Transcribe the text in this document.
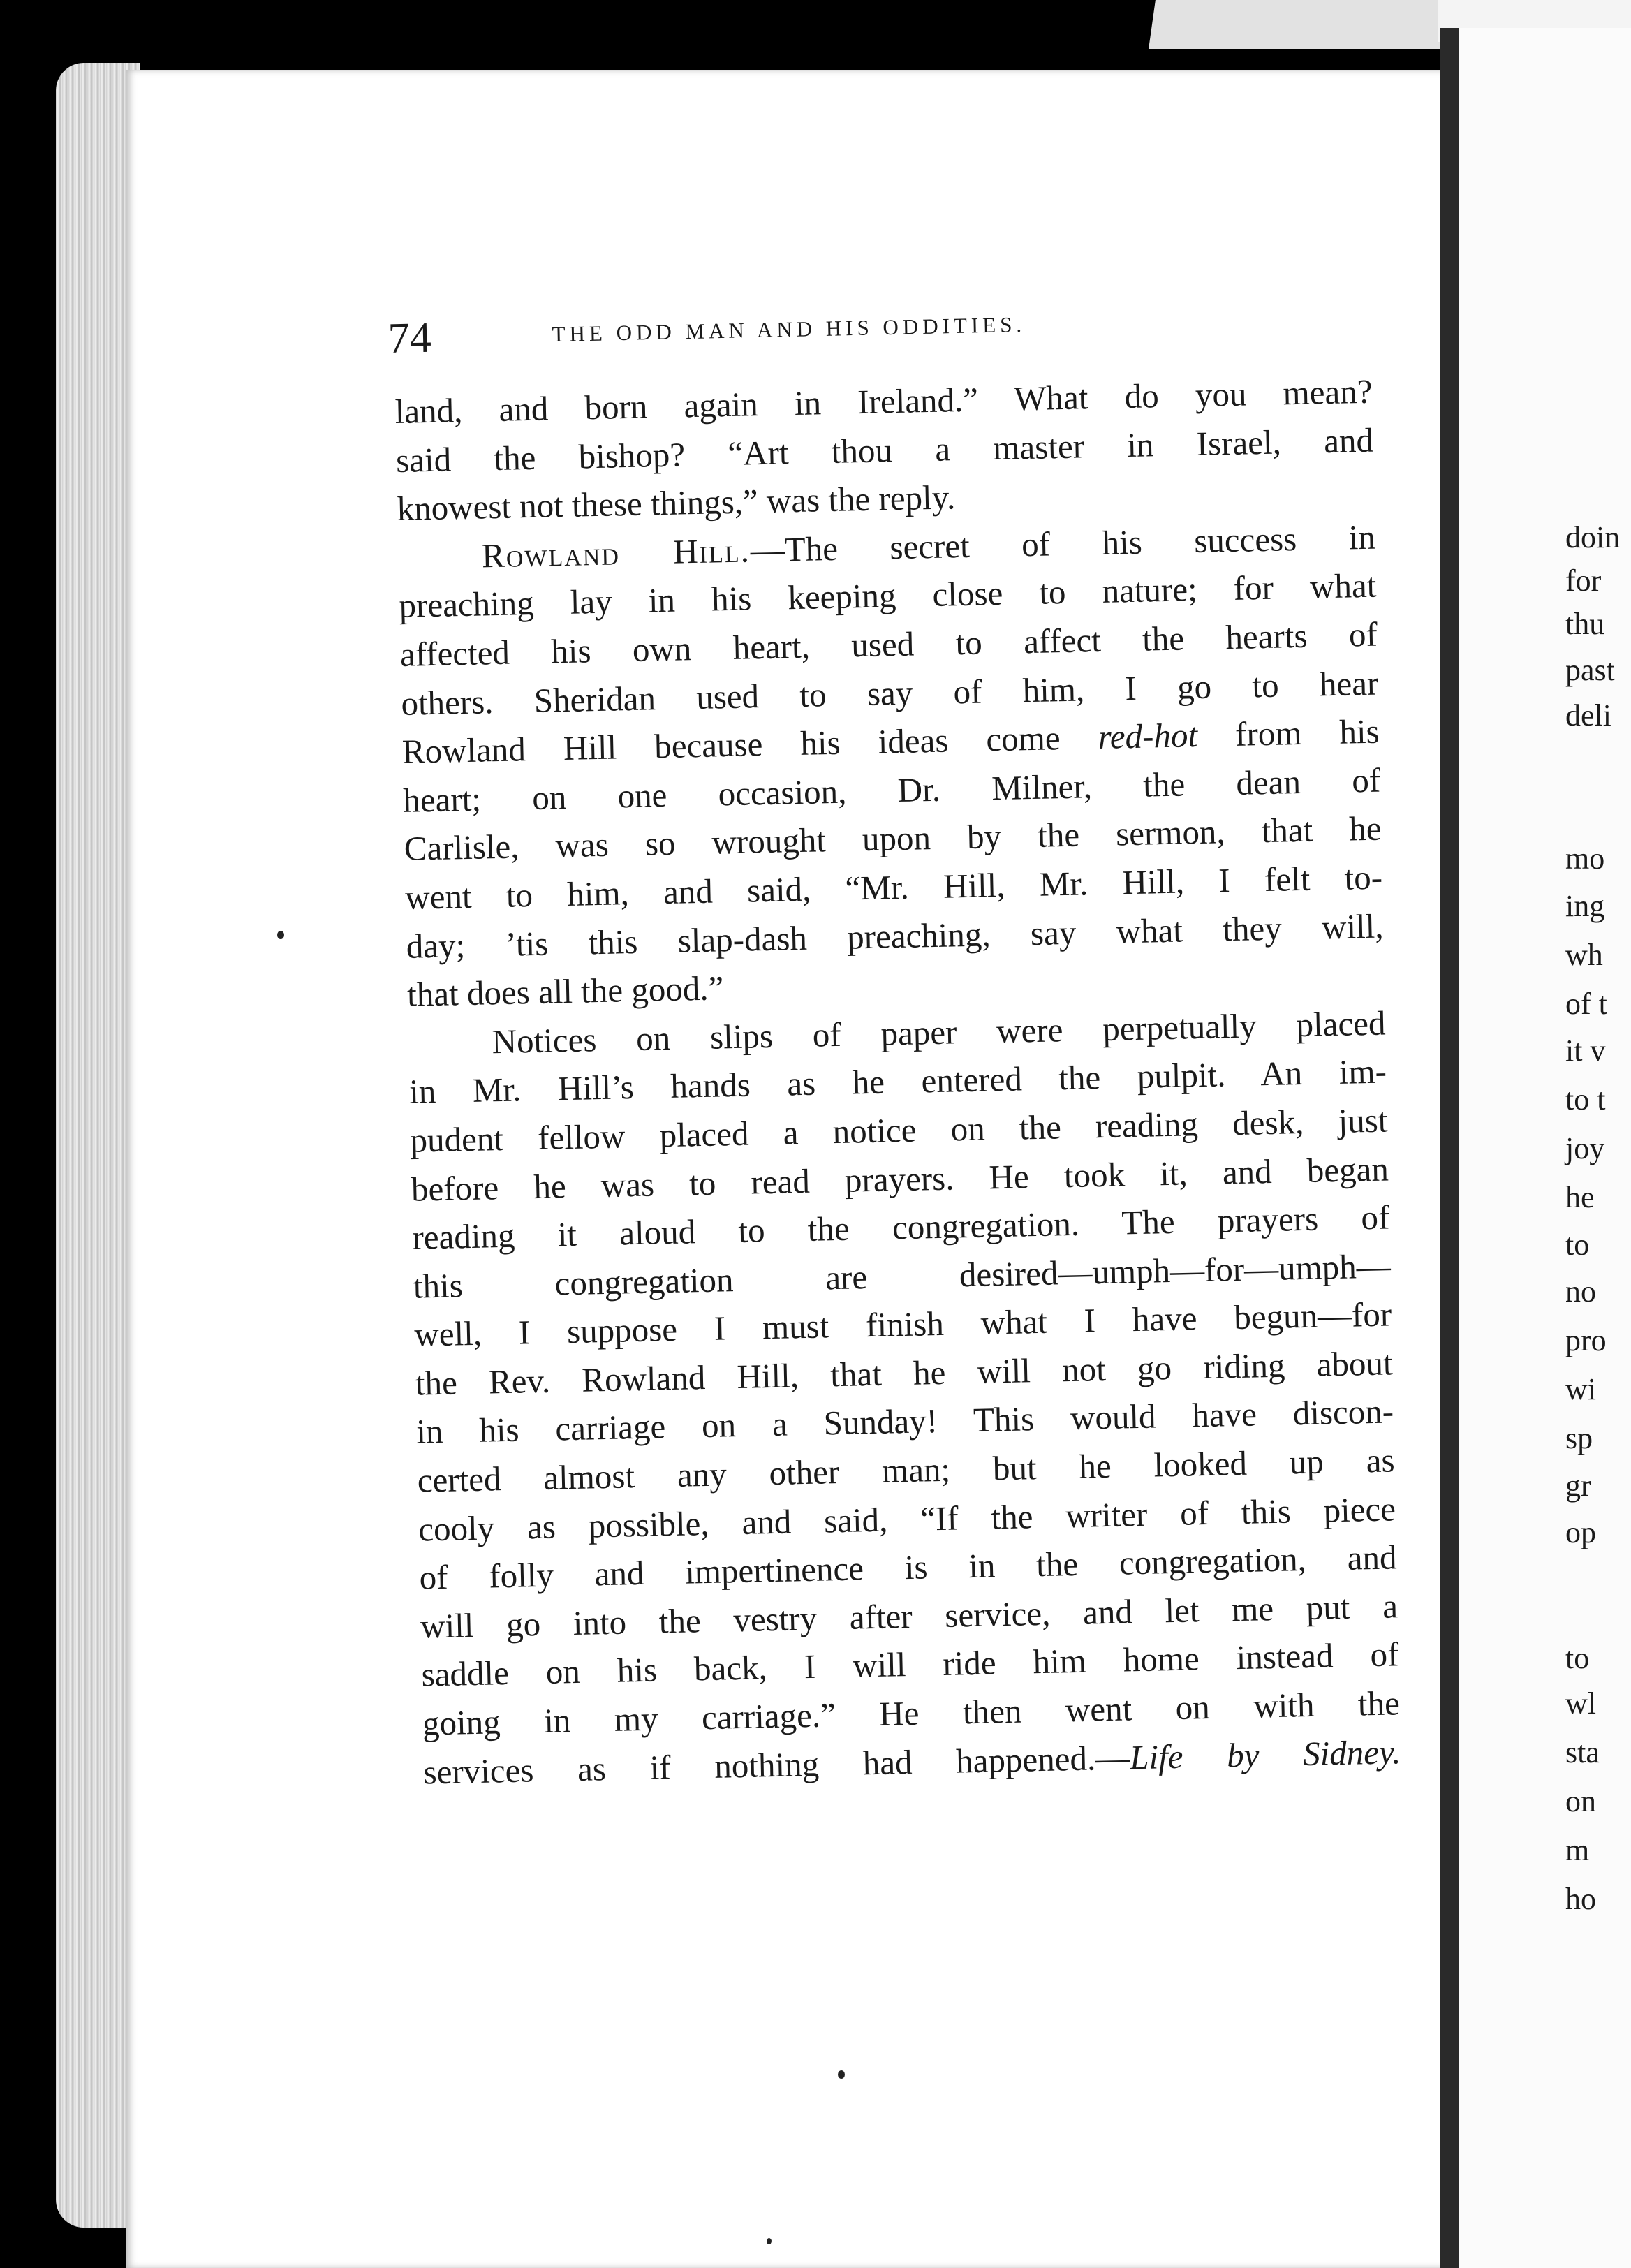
74	THE ODD MAN AND HIS ODDITIES.
land, and born again in Ireland.” What do you mean?
said the bishop? “Art thou a master in Israel, and
knowest not these things,” was the reply.
Rowland Hill.—The secret of his success in
preaching lay in his keeping close to nature; for what
affected his own heart, used to affect the hearts of
others. Sheridan used to say of him, I go to hear
Rowland Hill because his ideas come red-hot from his
heart; on one occasion, Dr. Milner, the dean of
Carlisle, was so wrought upon by the sermon, that he
went to him, and said, “Mr. Hill, Mr. Hill, I felt to-
day; ’tis this slap-dash preaching, say what they will,
that does all the good.”
Notices on slips of paper were perpetually placed
in Mr. Hill’s hands as he entered the pulpit. An im-
pudent fellow placed a notice on the reading desk, just
before he was to read prayers. He took it, and began
reading it aloud to the congregation. The prayers of
this congregation are desired—umph—for—umph—
well, I suppose I must finish what I have begun—for
the Rev. Rowland Hill, that he will not go riding about
in his carriage on a Sunday! This would have discon-
certed almost any other man; but he looked up as
cooly as possible, and said, “If the writer of this piece
of folly and impertinence is in the congregation, and
will go into the vestry after service, and let me put a
saddle on his back, I will ride him home instead of
going in my carriage.” He then went on with the
services as if nothing had happened.—Life by Sidney.
doin
for
thu
past
deli
mo
ing
wh
of t
it v
to t
joy
he
to
no
pro
wi
sp
gr
op
to
wl
sta
on
m
ho
